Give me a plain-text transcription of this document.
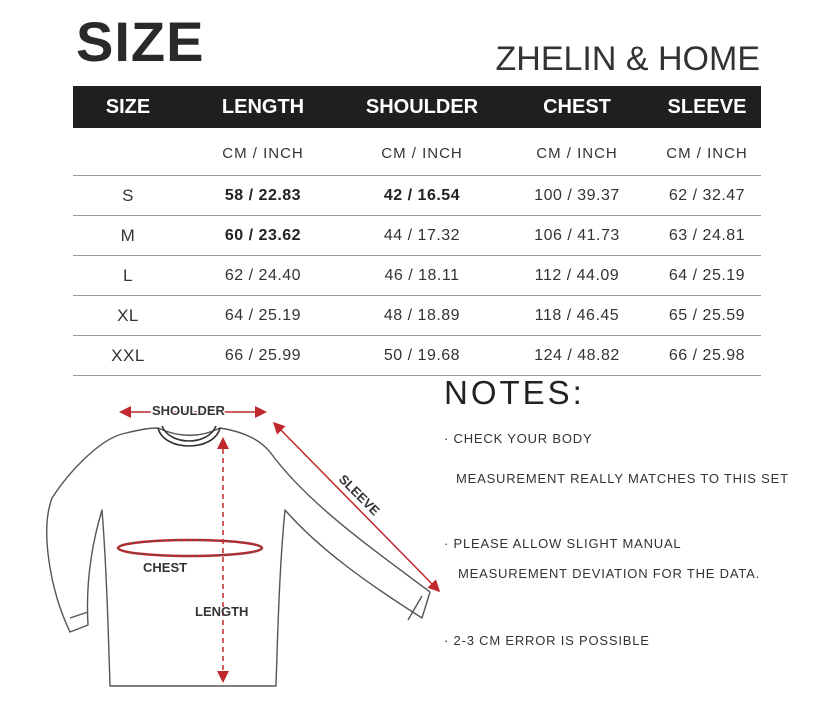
SIZE	ZHELIN & HOME
SIZE	LENGTH	SHOULDER	CHEST	SLEEVE
	CM / INCH	CM / INCH	CM / INCH	CM / INCH
S	58 / 22.83	42 / 16.54	100 / 39.37	62 / 32.47
M	60 / 23.62	44 / 17.32	106 / 41.73	63 / 24.81
L	62 / 24.40	46 / 18.11	112 / 44.09	64 / 25.19
XL	64 / 25.19	48 / 18.89	118 / 46.45	65 / 25.59
XXL	66 / 25.99	50 / 19.68	124 / 48.82	66 / 25.98
SHOULDER
SLEEVE
CHEST
LENGTH
NOTES:
· CHECK YOUR BODY
MEASUREMENT REALLY MATCHES TO THIS SET
· PLEASE ALLOW SLIGHT MANUAL
MEASUREMENT DEVIATION FOR THE DATA.
· 2-3 CM ERROR IS POSSIBLE
